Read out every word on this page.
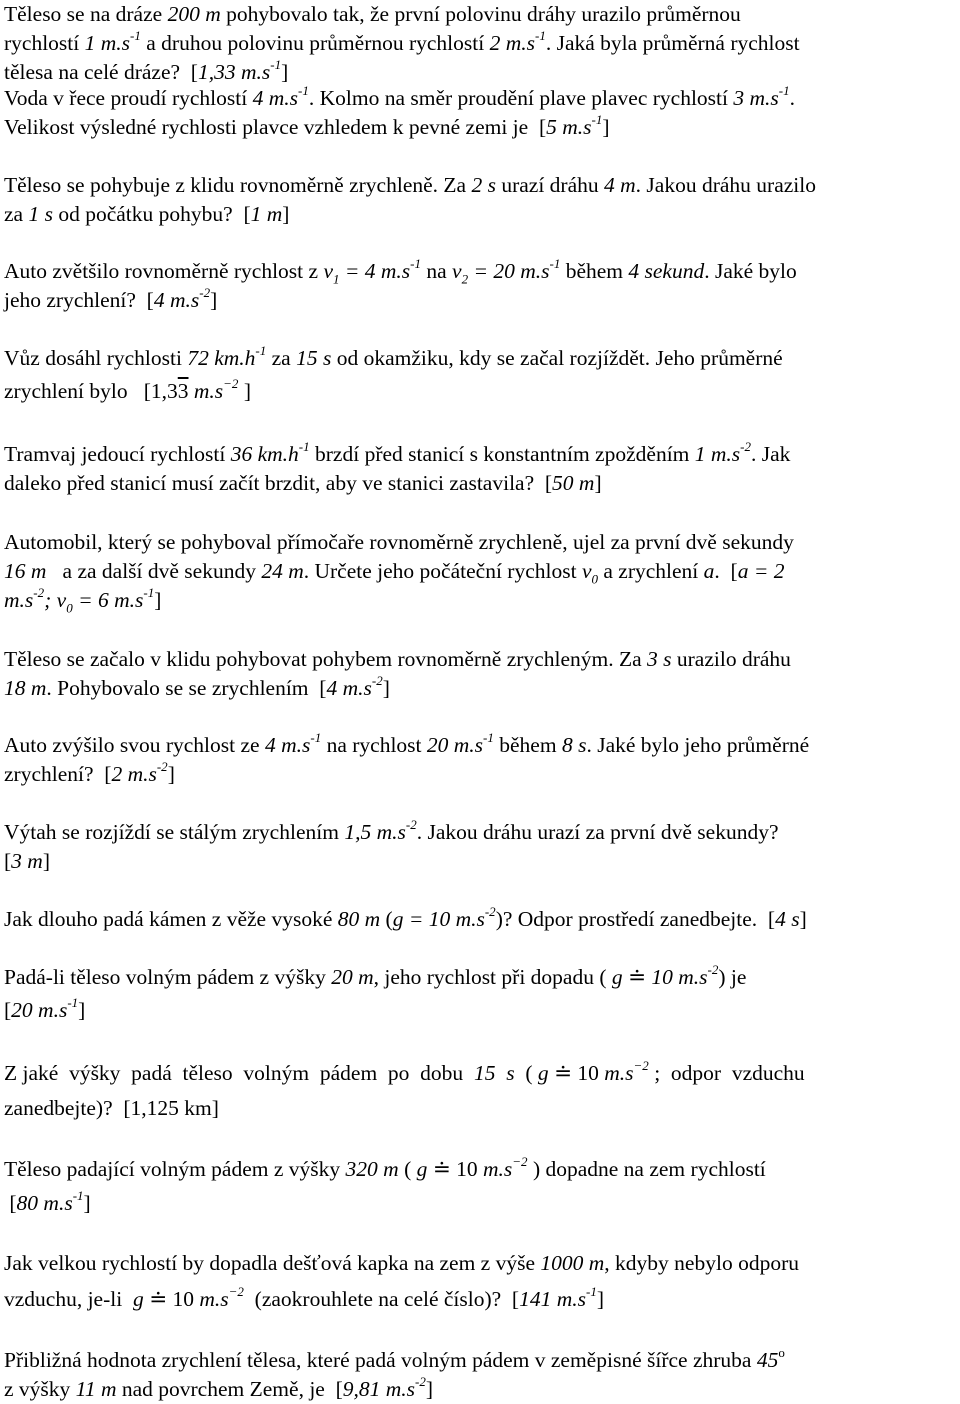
Těleso se na dráze 200 m pohybovalo tak, že první polovinu dráhy urazilo průměrnou
rychlostí 1 $m.s^{-1}$ a druhou polovinu průměrnou rychlostí 2 $m.s^{-1}$. Jaká byla průměrná rychlost
tělesa na celé dráze?  [1,33 $m.s^{-1}$]
Voda v řece proudí rychlostí 4 $m.s^{-1}$. Kolmo na směr proudění plave plavec rychlostí 3 $m.s^{-1}$.
Velikost výsledné rychlosti plavce vzhledem k pevné zemi je  [5 $m.s^{-1}$]
Těleso se pohybuje z klidu rovnoměrně zrychleně. Za 2 s urazí dráhu 4 m. Jakou dráhu urazilo
za 1 s od počátku pohybu?  [1 m]
Auto zvětšilo rovnoměrně rychlost z $v_1 = 4$ $m.s^{-1}$ na $v_2 = 20$ $m.s^{-1}$ během 4 sekund. Jaké bylo
jeho zrychlení?  [4 $m.s^{-2}$]
Vůz dosáhl rychlosti 72 $km.h^{-1}$ za 15 s od okamžiku, kdy se začal rozjíždět. Jeho průměrné
zrychlení bylo   [1,33 $m.s^{-2}$ ]
Tramvaj jedoucí rychlostí 36 $km.h^{-1}$ brzdí před stanicí s konstantním zpožděním 1 $m.s^{-2}$. Jak
daleko před stanicí musí začít brzdit, aby ve stanici zastavila?  [50 m]
Automobil, který se pohyboval přímočaře rovnoměrně zrychleně, ujel za první dvě sekundy
16 m   a za další dvě sekundy 24 m. Určete jeho počáteční rychlost $v_0$ a zrychlení a.  [a = 2
$m.s^{-2}$; $v_0 = 6$ $m.s^{-1}$]
Těleso se začalo v klidu pohybovat pohybem rovnoměrně zrychleným. Za 3 s urazilo dráhu
18 m. Pohybovalo se se zrychlením  [4 $m.s^{-2}$]
Auto zvýšilo svou rychlost ze 4 $m.s^{-1}$ na rychlost 20 $m.s^{-1}$ během 8 s. Jaké bylo jeho průměrné
zrychlení?  [2 $m.s^{-2}$]
Výtah se rozjíždí se stálým zrychlením 1,5 $m.s^{-2}$. Jakou dráhu urazí za první dvě sekundy?
[3 m]
Jak dlouho padá kámen z věže vysoké 80 m (g = 10 $m.s^{-2}$)? Odpor prostředí zanedbejte.  [4 s]
Padá-li těleso volným pádem z výšky 20 m, jeho rychlost při dopadu ( g ≐ 10 $m.s^{-2}$) je
[20 $m.s^{-1}$]
Z jaké  výšky  padá  těleso  volným  pádem  po  dobu  15  s  ( g ≐ 10 $m.s^{-2}$ ;  odpor  vzduchu
zanedbejte)?  [1,125 km]
Těleso padající volným pádem z výšky 320 m ( g ≐ 10 $m.s^{-2}$ ) dopadne na zem rychlostí
[80 $m.s^{-1}$]
Jak velkou rychlostí by dopadla dešťová kapka na zem z výše 1000 m, kdyby nebylo odporu
vzduchu, je-li  g ≐ 10 $m.s^{-2}$  (zaokrouhlete na celé číslo)?  [141 $m.s^{-1}$]
Přibližná hodnota zrychlení tělesa, které padá volným pádem v zeměpisné šířce zhruba 45$^o$
z výšky 11 m nad povrchem Země, je  [9,81 $m.s^{-2}$]
